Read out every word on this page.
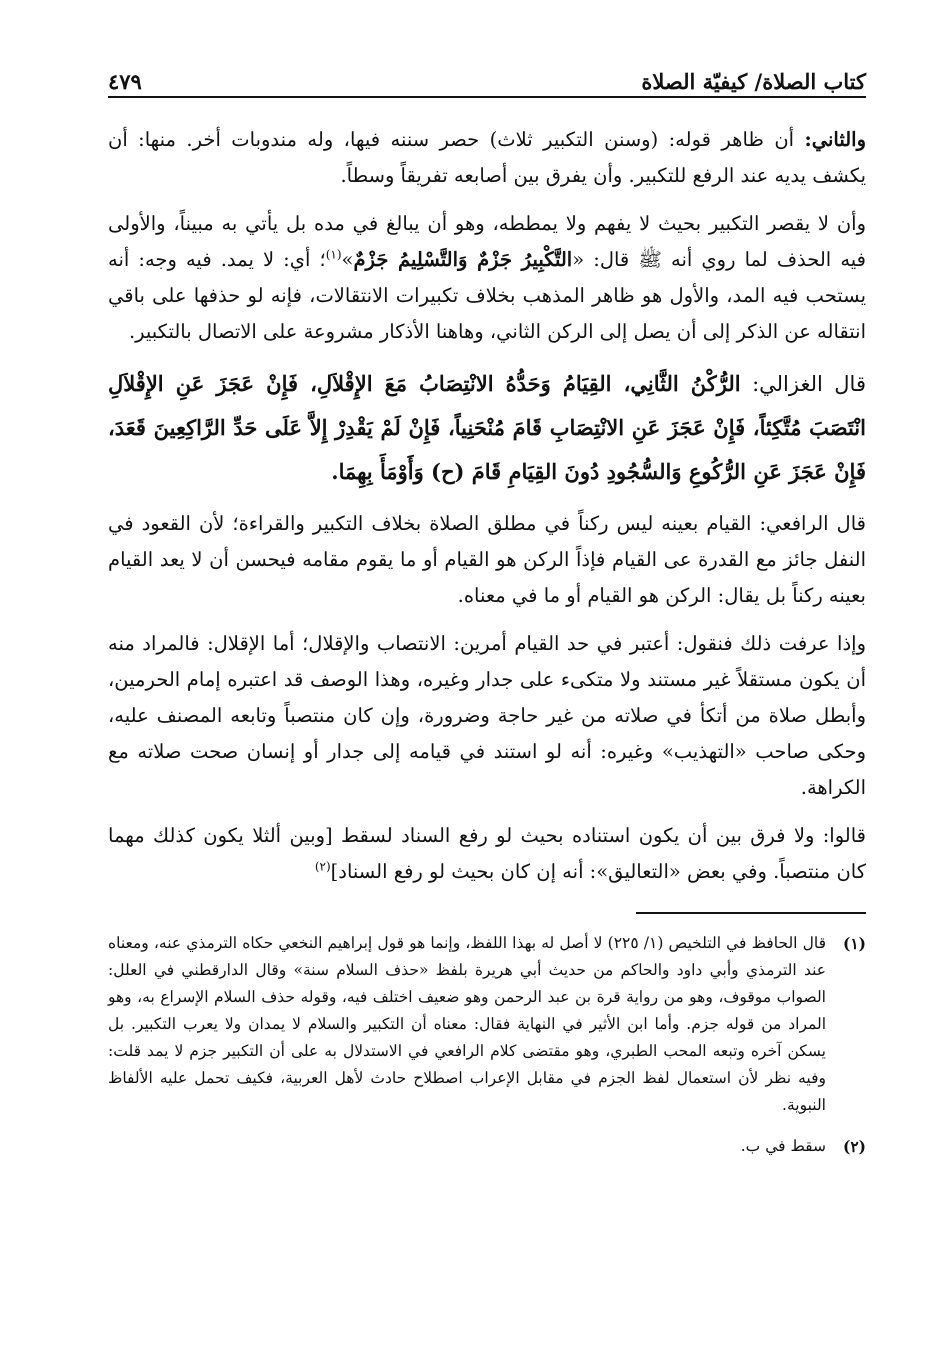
كتاب الصلاة/ كيفيّة الصلاة
٤٧٩

والثاني: أن ظاهر قوله: (وسنن التكبير ثلاث) حصر سننه فيها، وله مندوبات أخر. منها: أن يكشف يديه عند الرفع للتكبير. وأن يفرق بين أصابعه تفريقاً وسطاً.

وأن لا يقصر التكبير بحيث لا يفهم ولا يمططه، وهو أن يبالغ في مده بل يأتي به مبيناً، والأولى فيه الحذف لما روي أنه ﷺ قال: «التَّكْبِيرُ جَزْمٌ وَالتَّسْلِيمُ جَزْمٌ»$^{(١)}$؛ أي: لا يمد. فيه وجه: أنه يستحب فيه المد، والأول هو ظاهر المذهب بخلاف تكبيرات الانتقالات، فإنه لو حذفها على باقي انتقاله عن الذكر إلى أن يصل إلى الركن الثاني، وهاهنا الأذكار مشروعة على الاتصال بالتكبير.

قال الغزالي: الرُّكْنُ الثَّانِي، القِيَامُ وَحَدُّهُ الانْتِصَابُ مَعَ الإِقْلاَلِ، فَإِنْ عَجَزَ عَنِ الإِقْلاَلِ انْتَصَبَ مُتَّكِئاً، فَإِنْ عَجَزَ عَنِ الانْتِصَابِ قَامَ مُنْحَنِياً، فَإِنْ لَمْ يَقْدِرْ إِلاَّ عَلَى حَدِّ الرَّاكِعِينَ قَعَدَ، فَإِنْ عَجَزَ عَنِ الرُّكُوعِ وَالسُّجُودِ دُونَ القِيَامِ قَامَ (ح) وَأَوْمَأَ بِهِمَا.

قال الرافعي: القيام بعينه ليس ركناً في مطلق الصلاة بخلاف التكبير والقراءة؛ لأن القعود في النفل جائز مع القدرة عى القيام فإذاً الركن هو القيام أو ما يقوم مقامه فيحسن أن لا يعد القيام بعينه ركناً بل يقال: الركن هو القيام أو ما في معناه.

وإذا عرفت ذلك فنقول: أعتبر في حد القيام أمرين: الانتصاب والإقلال؛ أما الإقلال: فالمراد منه أن يكون مستقلاً غير مستند ولا متكىء على جدار وغيره، وهذا الوصف قد اعتبره إمام الحرمين، وأبطل صلاة من أتكأ في صلاته من غير حاجة وضرورة، وإن كان منتصباً وتابعه المصنف عليه، وحكى صاحب «التهذيب» وغيره: أنه لو استند في قيامه إلى جدار أو إنسان صحت صلاته مع الكراهة.

قالوا: ولا فرق بين أن يكون استناده بحيث لو رفع السناد لسقط [وبين ألثلا يكون كذلك مهما كان منتصباً. وفي بعض «التعاليق»: أنه إن كان بحيث لو رفع السناد]$^{(٢)}$

(١)
قال الحافظ في التلخيص (١/ ٢٢٥) لا أصل له بهذا اللفظ، وإنما هو قول إبراهيم النخعي حكاه الترمذي عنه، ومعناه عند الترمذي وأبي داود والحاكم من حديث أبي هريرة بلفظ «حذف السلام سنة» وقال الدارقطني في العلل: الصواب موقوف، وهو من رواية قرة بن عبد الرحمن وهو ضعيف اختلف فيه، وقوله حذف السلام الإسراع به، وهو المراد من قوله جزم. وأما ابن الأثير في النهاية فقال: معناه أن التكبير والسلام لا يمدان ولا يعرب التكبير. بل يسكن آخره وتبعه المحب الطبري، وهو مقتضى كلام الرافعي في الاستدلال به على أن التكبير جزم لا يمد قلت: وفيه نظر لأن استعمال لفظ الجزم في مقابل الإعراب اصطلاح حادث لأهل العربية، فكيف تحمل عليه الألفاظ النبوية.
(٢)
سقط في ب.
